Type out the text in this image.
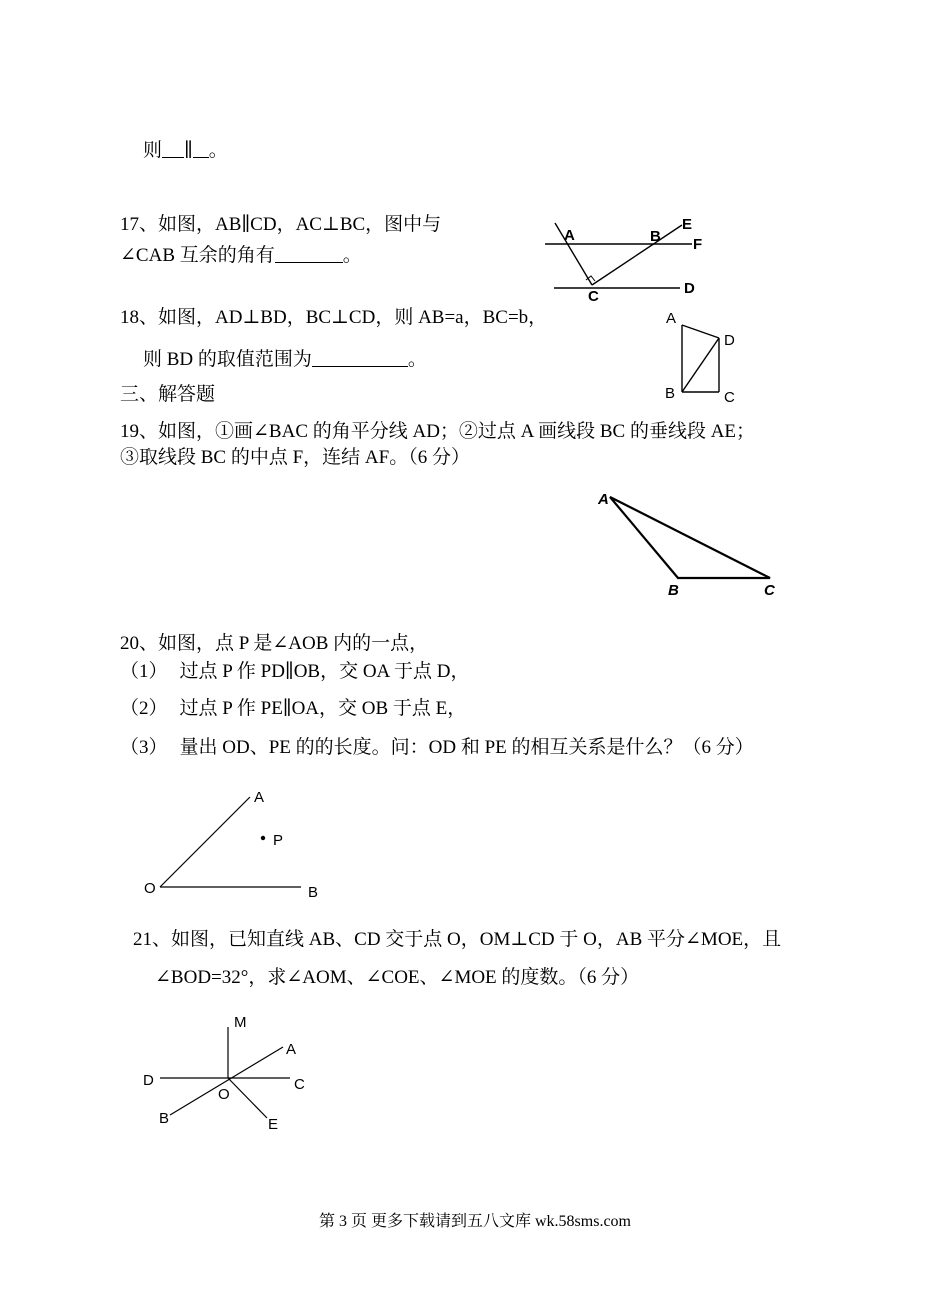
则 ∥ 。
17、如图，AB∥CD，AC⊥BC，图中与
∠CAB 互余的角有	。
A	B
E
F
C	D
18、如图，AD⊥BD，BC⊥CD，则 AB=a，BC=b，
则 BD 的取值范围为	。
A
D
B	C
三、解答题
19、如图，①画∠BAC 的角平分线 AD；②过点 A 画线段 BC 的垂线段 AE；
③取线段 BC 的中点 F，连结 AF。（6 分）
A
B	C
20、如图，点 P 是∠AOB 内的一点，
（1） 过点 P 作 PD∥OB，交 OA 于点 D，
（2） 过点 P 作 PE∥OA，交 OB 于点 E，
（3） 量出 OD、PE 的的长度。问：OD 和 PE 的相互关系是什么？（6 分）
A
P
O	B
21、如图，已知直线 AB、CD 交于点 O，OM⊥CD 于 O，AB 平分∠MOE，且
∠BOD=32°，求∠AOM、∠COE、∠MOE 的度数。（6 分）
M
A
D	C
O
B	E
第 3 页 更多下载请到五八文库 wk.58sms.com
